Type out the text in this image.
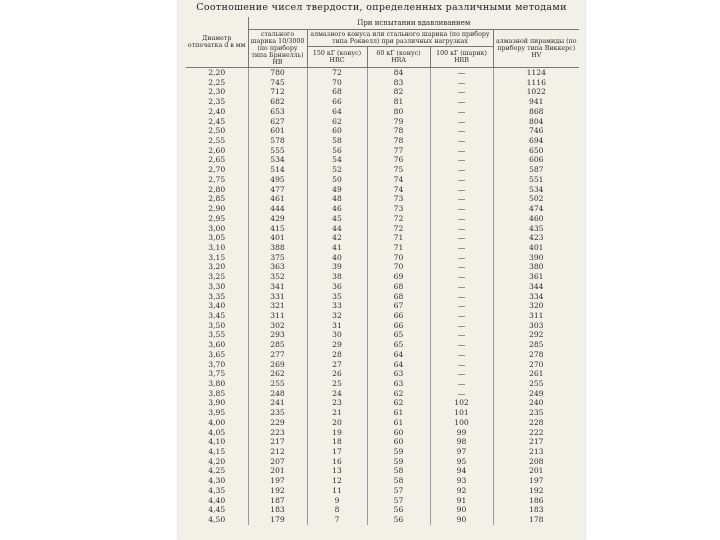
Соотношение чисел твердости, определенных различными методами
Диаметр отпечатка d в мм	При испытании вдавливанием				
	стального шарика 10/3000 (по прибору типа Бринелль) HB	алмазного конуса или стального шарика (по прибору типа Роквелл) при различных нагрузках			алмазной пирамиды (по прибору типа Виккерс) HV
		150 кГ (конус) HRC	60 кГ (конус) HRA	100 кГ (шарик) HRB	
2,20	780	72	84	—	1124
2,25	745	70	83	—	1116
2,30	712	68	82	—	1022
2,35	682	66	81	—	941
2,40	653	64	80	—	868
2,45	627	62	79	—	804
2,50	601	60	78	—	746
2,55	578	58	78	—	694
2,60	555	56	77	—	650
2,65	534	54	76	—	606
2,70	514	52	75	—	587
2,75	495	50	74	—	551
2,80	477	49	74	—	534
2,85	461	48	73	—	502
2,90	444	46	73	—	474
2,95	429	45	72	—	460
3,00	415	44	72	—	435
3,05	401	42	71	—	423
3,10	388	41	71	—	401
3,15	375	40	70	—	390
3,20	363	39	70	—	380
3,25	352	38	69	—	361
3,30	341	36	68	—	344
3,35	331	35	68	—	334
3,40	321	33	67	—	320
3,45	311	32	66	—	311
3,50	302	31	66	—	303
3,55	293	30	65	—	292
3,60	285	29	65	—	285
3,65	277	28	64	—	278
3,70	269	27	64	—	270
3,75	262	26	63	—	261
3,80	255	25	63	—	255
3,85	248	24	62	—	249
3,90	241	23	62	102	240
3,95	235	21	61	101	235
4,00	229	20	61	100	228
4,05	223	19	60	99	222
4,10	217	18	60	98	217
4,15	212	17	59	97	213
4,20	207	16	59	95	208
4,25	201	13	58	94	201
4,30	197	12	58	93	197
4,35	192	11	57	92	192
4,40	187	9	57	91	186
4,45	183	8	56	90	183
4,50	179	7	56	90	178
